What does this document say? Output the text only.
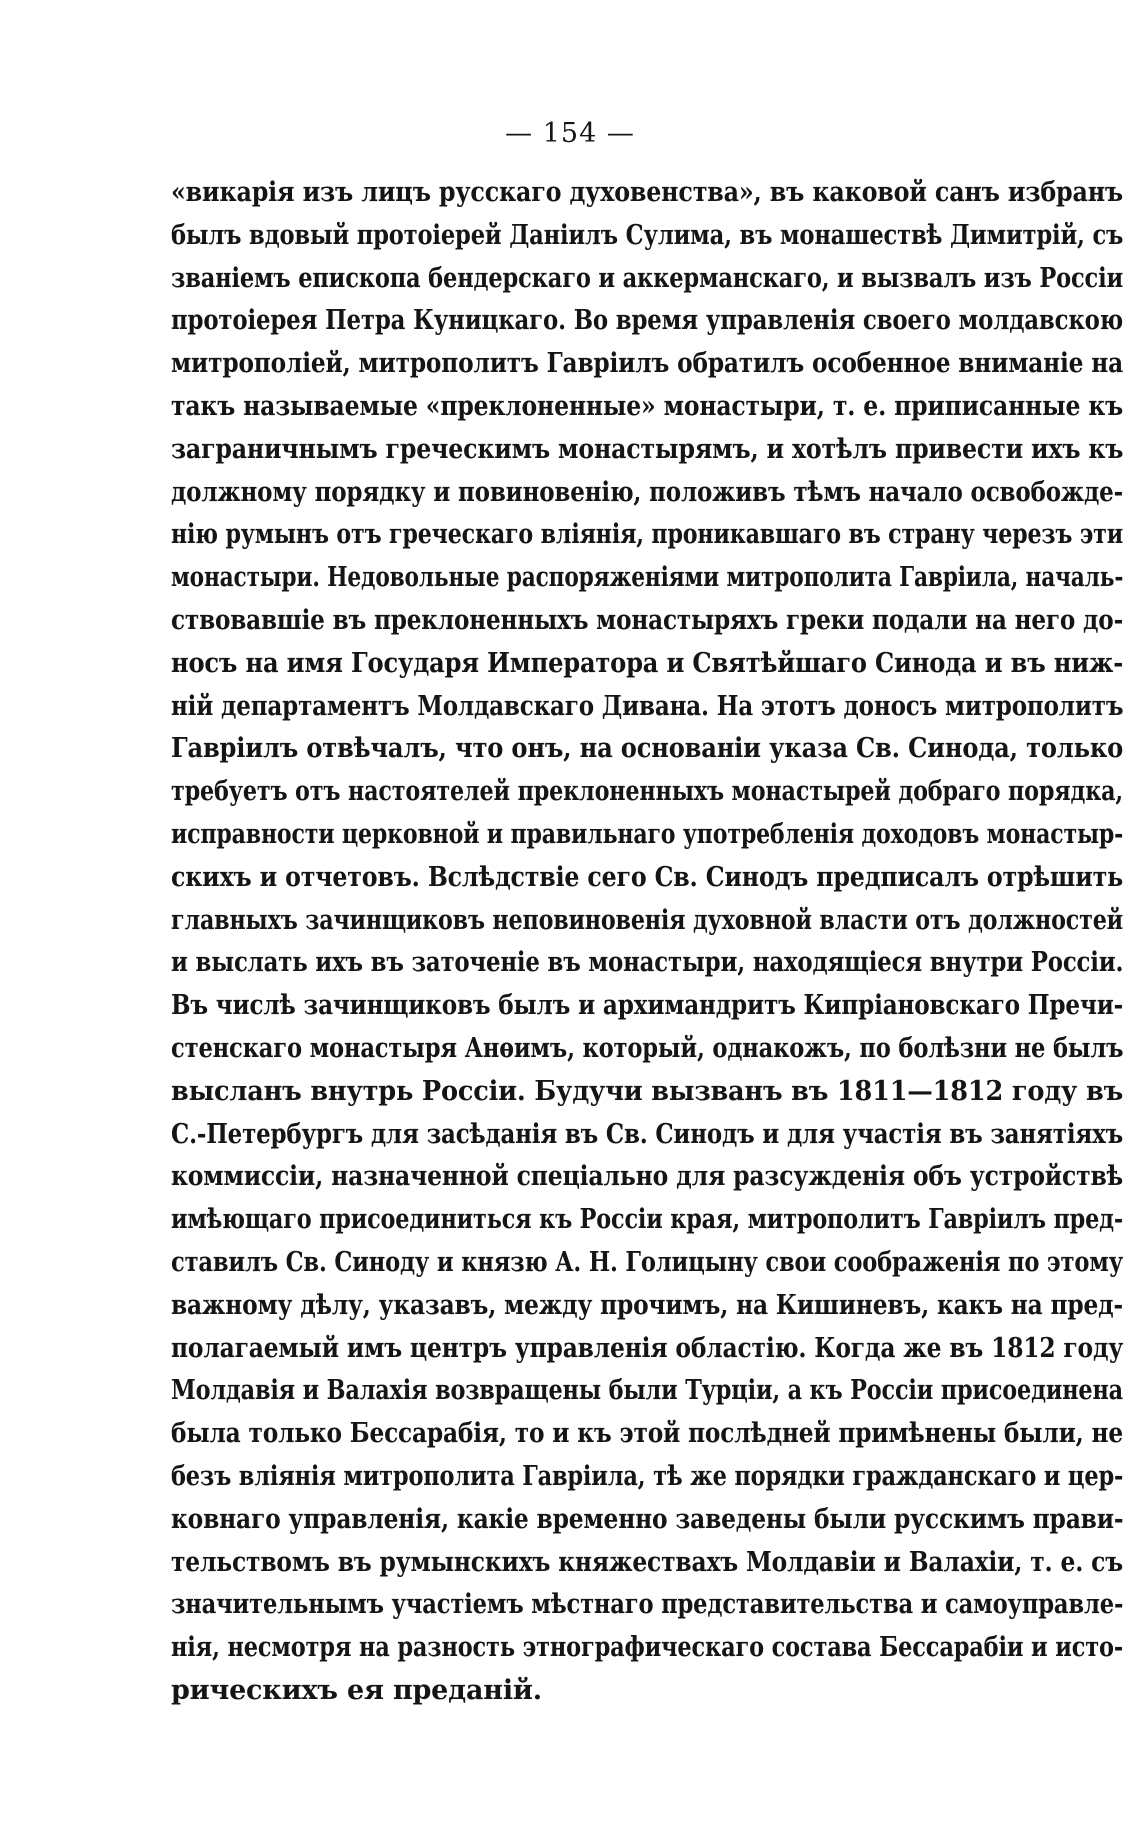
— 154 —
«викарія изъ лицъ русскаго духовенства», въ каковой санъ избранъ
былъ вдовый протоіерей Даніилъ Сулима, въ монашествѣ Димитрій, съ
званіемъ епископа бендерскаго и аккерманскаго, и вызвалъ изъ Россіи
протоіерея Петра Куницкаго. Во время управленія своего молдавскою
митрополіей, митрополитъ Гавріилъ обратилъ особенное вниманіе на
такъ называемые «преклоненные» монастыри, т. е. приписанные къ
заграничнымъ греческимъ монастырямъ, и хотѣлъ привести ихъ къ
должному порядку и повиновенію, положивъ тѣмъ начало освобожде-
нію румынъ отъ греческаго вліянія, проникавшаго въ страну черезъ эти
монастыри. Недовольные распоряженіями митрополита Гавріила, началь-
ствовавшіе въ преклоненныхъ монастыряхъ греки подали на него до-
носъ на имя Государя Императора и Святѣйшаго Синода и въ ниж-
ній департаментъ Молдавскаго Дивана. На этотъ доносъ митрополитъ
Гавріилъ отвѣчалъ, что онъ, на основаніи указа Св. Синода, только
требуетъ отъ настоятелей преклоненныхъ монастырей добраго порядка,
исправности церковной и правильнаго употребленія доходовъ монастыр-
скихъ и отчетовъ. Вслѣдствіе сего Св. Синодъ предписалъ отрѣшить
главныхъ зачинщиковъ неповиновенія духовной власти отъ должностей
и выслать ихъ въ заточеніе въ монастыри, находящіеся внутри Россіи.
Въ числѣ зачинщиковъ былъ и архимандритъ Кипріановскаго Пречи-
стенскаго монастыря Анѳимъ, который, однакожъ, по болѣзни не былъ
высланъ внутрь Россіи. Будучи вызванъ въ 1811—1812 году въ
С.-Петербургъ для засѣданія въ Св. Синодъ и для участія въ занятіяхъ
коммиссіи, назначенной спеціально для разсужденія объ устройствѣ
имѣющаго присоединиться къ Россіи края, митрополитъ Гавріилъ пред-
ставилъ Св. Синоду и князю А. Н. Голицыну свои соображенія по этому
важному дѣлу, указавъ, между прочимъ, на Кишиневъ, какъ на пред-
полагаемый имъ центръ управленія областію. Когда же въ 1812 году
Молдавія и Валахія возвращены были Турціи, а къ Россіи присоединена
была только Бессарабія, то и къ этой послѣдней примѣнены были, не
безъ вліянія митрополита Гавріила, тѣ же порядки гражданскаго и цер-
ковнаго управленія, какіе временно заведены были русскимъ прави-
тельствомъ въ румынскихъ княжествахъ Молдавіи и Валахіи, т. е. съ
значительнымъ участіемъ мѣстнаго представительства и самоуправле-
нія, несмотря на разность этнографическаго состава Бессарабіи и исто-
рическихъ ея преданій.
